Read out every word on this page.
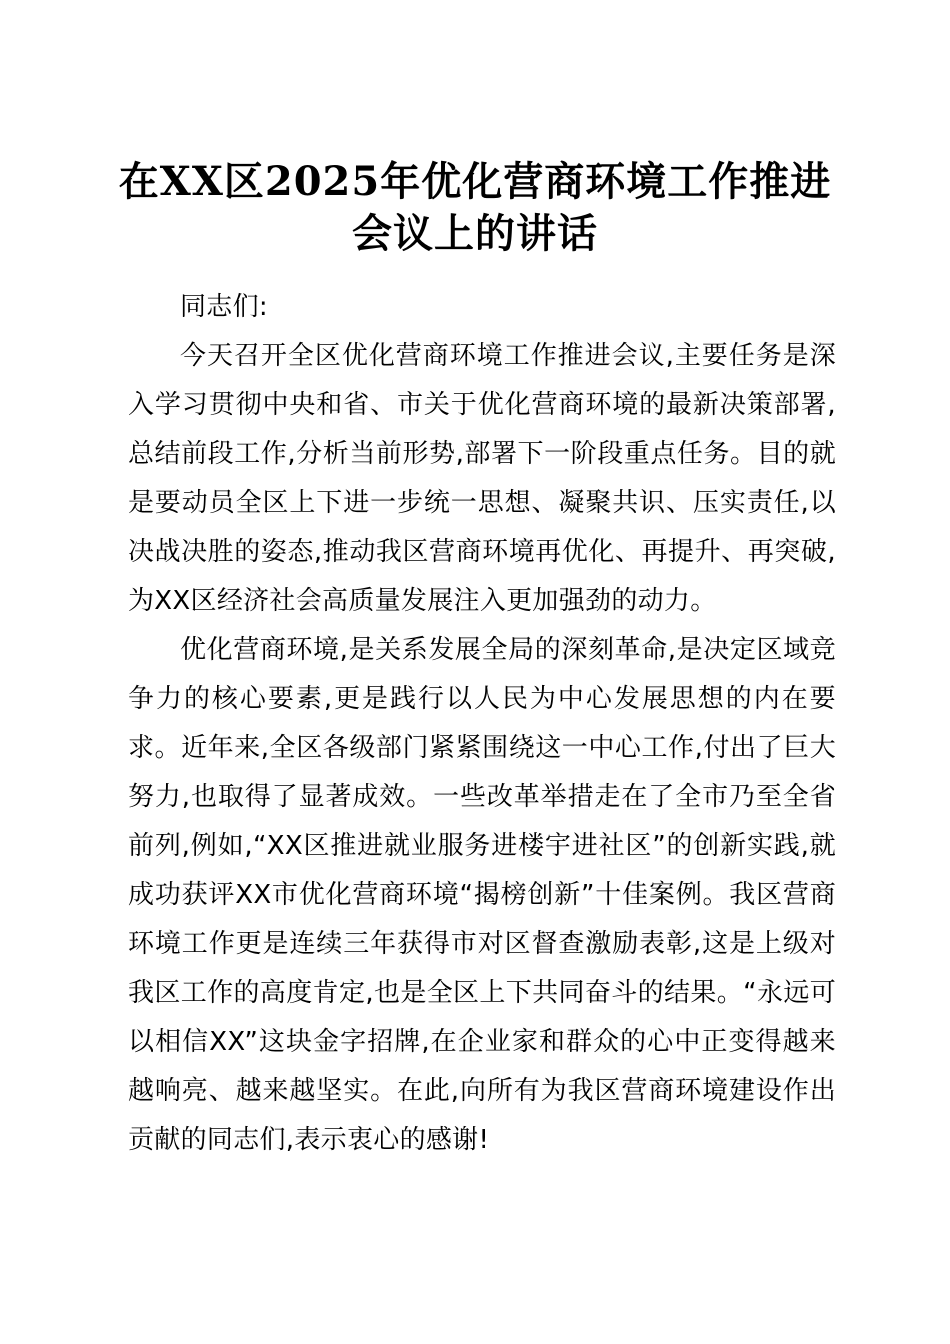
在XX区2025年优化营商环境工作推进会议上的讲话

同志们:

今天召开全区优化营商环境工作推进会议,主要任务是深入学习贯彻中央和省、市关于优化营商环境的最新决策部署,总结前段工作,分析当前形势,部署下一阶段重点任务。目的就是要动员全区上下进一步统一思想、凝聚共识、压实责任,以决战决胜的姿态,推动我区营商环境再优化、再提升、再突破,为XX区经济社会高质量发展注入更加强劲的动力。

优化营商环境,是关系发展全局的深刻革命,是决定区域竞争力的核心要素,更是践行以人民为中心发展思想的内在要求。近年来,全区各级部门紧紧围绕这一中心工作,付出了巨大努力,也取得了显著成效。一些改革举措走在了全市乃至全省前列,例如,“XX区推进就业服务进楼宇进社区”的创新实践,就成功获评XX市优化营商环境“揭榜创新”十佳案例。我区营商环境工作更是连续三年获得市对区督查激励表彰,这是上级对我区工作的高度肯定,也是全区上下共同奋斗的结果。“永远可以相信XX”这块金字招牌,在企业家和群众的心中正变得越来越响亮、越来越坚实。在此,向所有为我区营商环境建设作出贡献的同志们,表示衷心的感谢!
